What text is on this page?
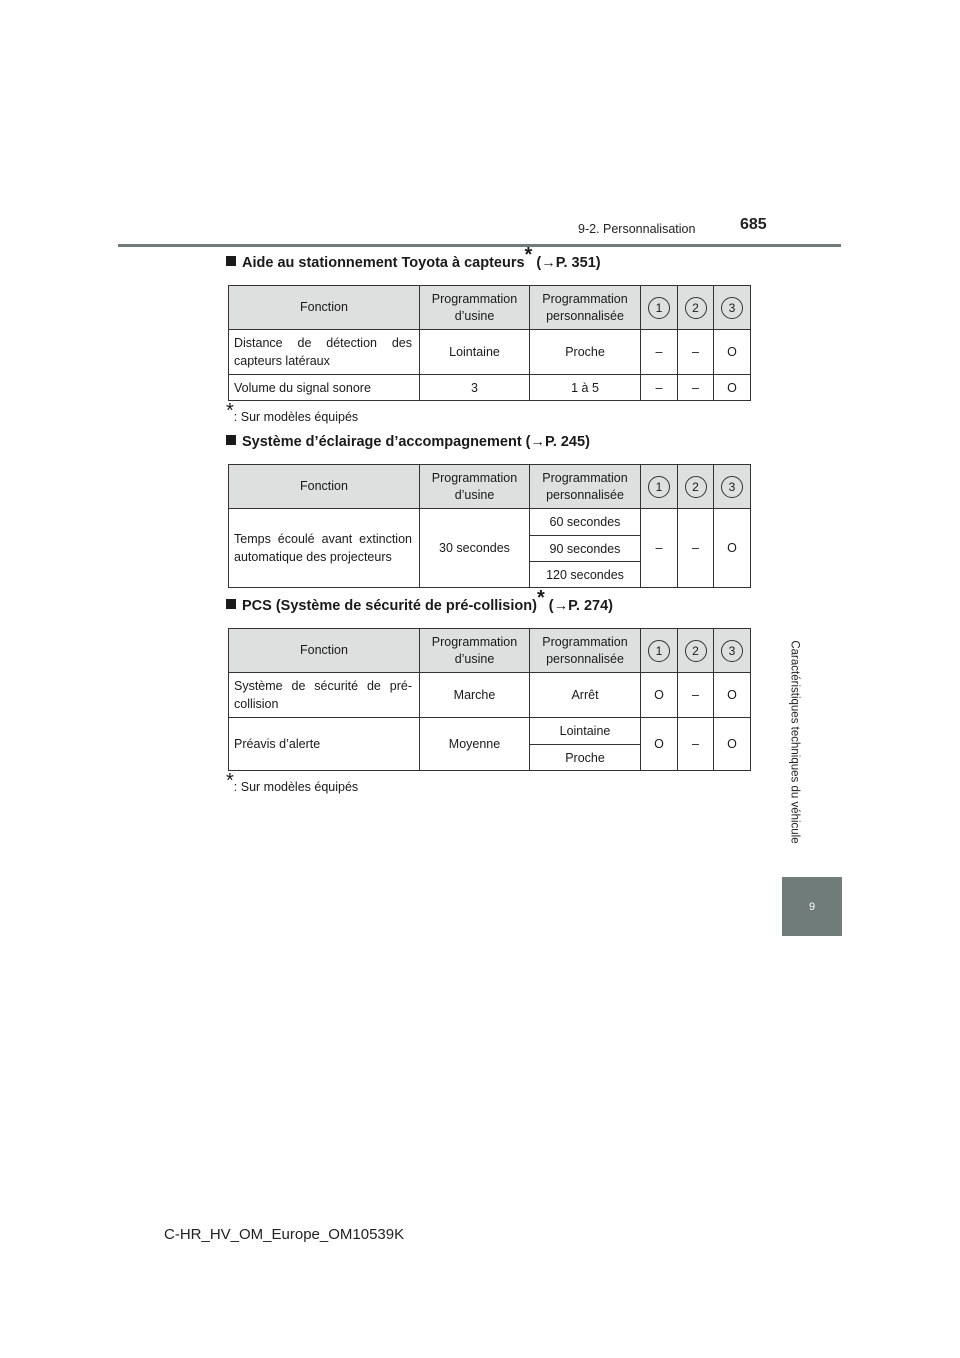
9-2. Personnalisation	685
Caractéristiques techniques du véhicule
9
Aide au stationnement Toyota à capteurs* (→P. 351)
Fonction	Programmation d’usine	Programmation personnalisée	1	2	3
Distance de détection des capteurs latéraux	Lointaine	Proche	–	–	O
Volume du signal sonore	3	1 à 5	–	–	O
*: Sur modèles équipés
Système d’éclairage d’accompagnement (→P. 245)
Fonction	Programmation d’usine	Programmation personnalisée	1	2	3
Temps écoulé avant extinction automatique des projecteurs	30 secondes	60 secondes	–	–	O
		90 secondes			
		120 secondes			
PCS (Système de sécurité de pré-collision)* (→P. 274)
Fonction	Programmation d’usine	Programmation personnalisée	1	2	3
Système de sécurité de pré-collision	Marche	Arrêt	O	–	O
Préavis d’alerte	Moyenne	Lointaine	O	–	O
		Proche			
*: Sur modèles équipés
C-HR_HV_OM_Europe_OM10539K
